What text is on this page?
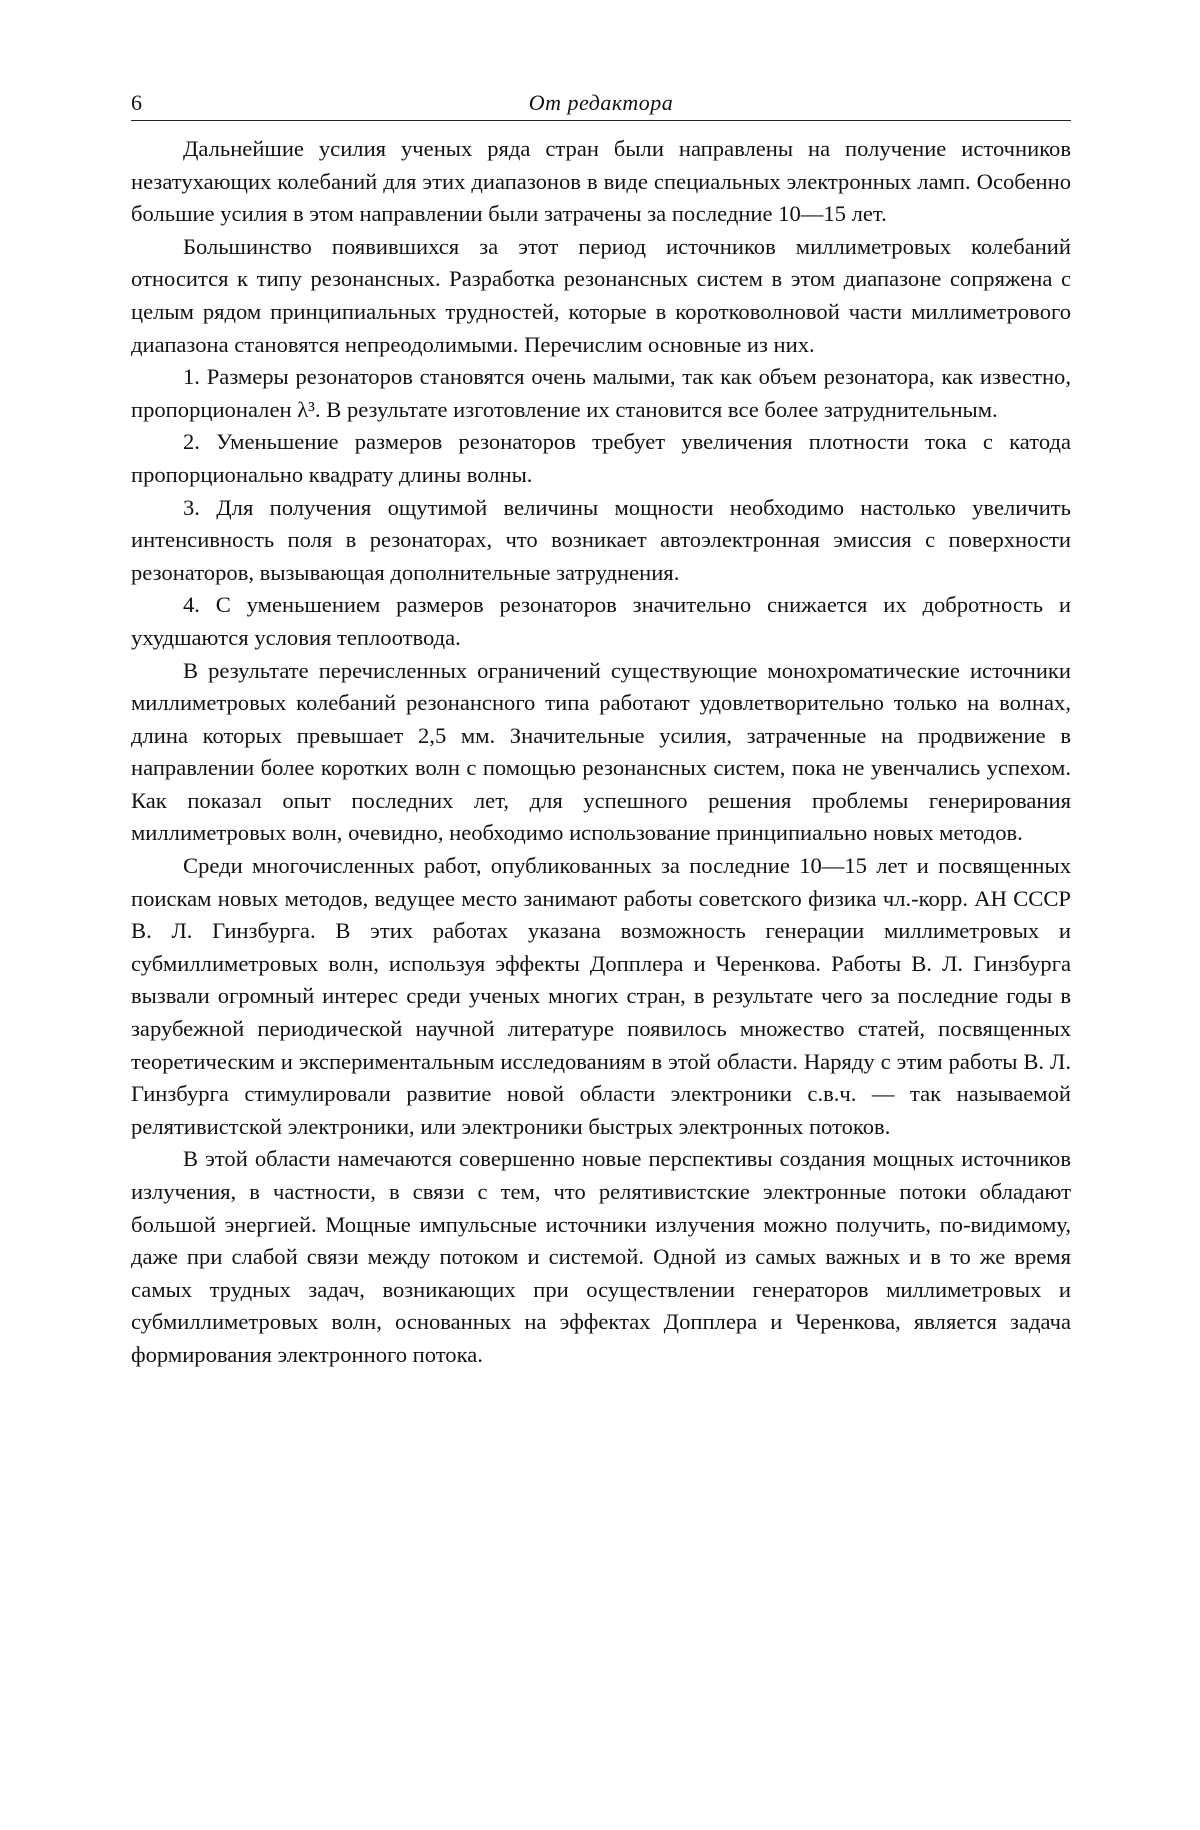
6	От редактора

Дальнейшие усилия ученых ряда стран были направлены на получение источников незатухающих колебаний для этих диапазонов в виде специальных электронных ламп. Особенно большие усилия в этом направлении были затрачены за последние 10—15 лет.

Большинство появившихся за этот период источников миллиметровых колебаний относится к типу резонансных. Разработка резонансных систем в этом диапазоне сопряжена с целым рядом принципиальных трудностей, которые в коротковолновой части миллиметрового диапазона становятся непреодолимыми. Перечислим основные из них.

1. Размеры резонаторов становятся очень малыми, так как объем резонатора, как известно, пропорционален λ³. В результате изготовление их становится все более затруднительным.

2. Уменьшение размеров резонаторов требует увеличения плотности тока с катода пропорционально квадрату длины волны.

3. Для получения ощутимой величины мощности необходимо настолько увеличить интенсивность поля в резонаторах, что возникает автоэлектронная эмиссия с поверхности резонаторов, вызывающая дополнительные затруднения.

4. С уменьшением размеров резонаторов значительно снижается их добротность и ухудшаются условия теплоотвода.

В результате перечисленных ограничений существующие монохроматические источники миллиметровых колебаний резонансного типа работают удовлетворительно только на волнах, длина которых превышает 2,5 мм. Значительные усилия, затраченные на продвижение в направлении более коротких волн с помощью резонансных систем, пока не увенчались успехом. Как показал опыт последних лет, для успешного решения проблемы генерирования миллиметровых волн, очевидно, необходимо использование принципиально новых методов.

Среди многочисленных работ, опубликованных за последние 10—15 лет и посвященных поискам новых методов, ведущее место занимают работы советского физика чл.-корр. АН СССР В. Л. Гинзбурга. В этих работах указана возможность генерации миллиметровых и субмиллиметровых волн, используя эффекты Допплера и Черенкова. Работы В. Л. Гинзбурга вызвали огромный интерес среди ученых многих стран, в результате чего за последние годы в зарубежной периодической научной литературе появилось множество статей, посвященных теоретическим и экспериментальным исследованиям в этой области. Наряду с этим работы В. Л. Гинзбурга стимулировали развитие новой области электроники с.в.ч. — так называемой релятивистской электроники, или электроники быстрых электронных потоков.

В этой области намечаются совершенно новые перспективы создания мощных источников излучения, в частности, в связи с тем, что релятивистские электронные потоки обладают большой энергией. Мощные импульсные источники излучения можно получить, по-видимому, даже при слабой связи между потоком и системой. Одной из самых важных и в то же время самых трудных задач, возникающих при осуществлении генераторов миллиметровых и субмиллиметровых волн, основанных на эффектах Допплера и Черенкова, является задача формирования электронного потока.
